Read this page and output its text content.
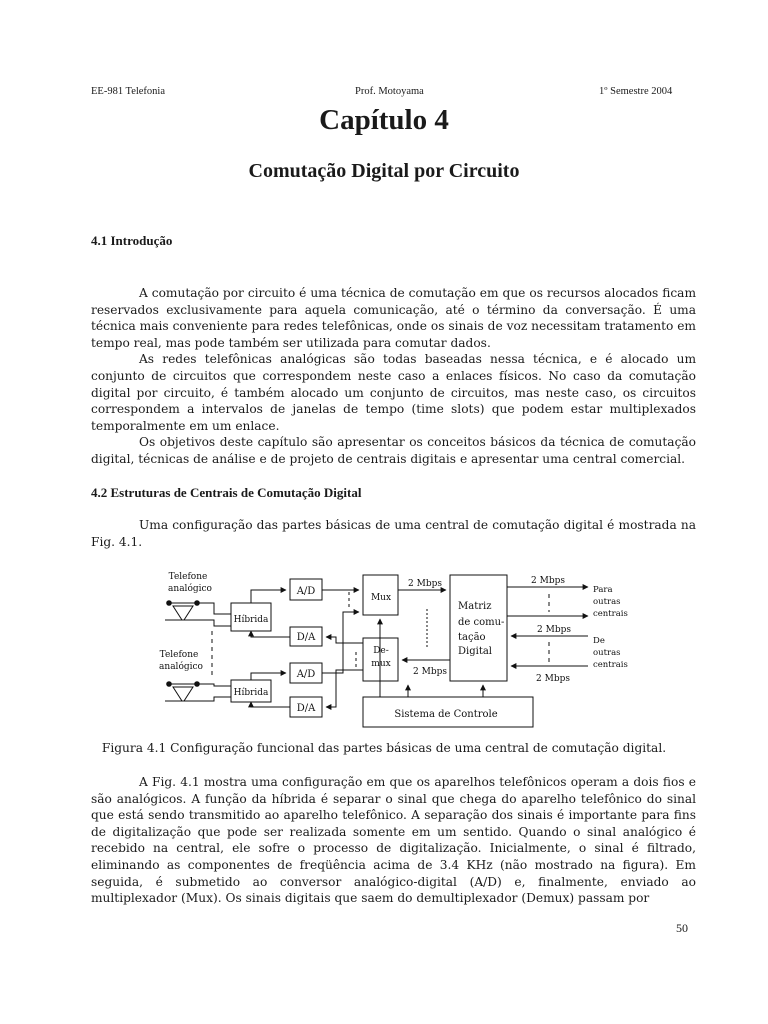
EE-981 Telefonia	Prof. Motoyama	1º Semestre 2004
Capítulo 4
Comutação Digital por Circuito
4.1 Introdução

A comutação por circuito é uma técnica de comutação em que os recursos alocados ficam reservados exclusivamente para aquela comunicação, até o término da conversação. É uma técnica mais conveniente para redes telefônicas, onde os sinais de voz necessitam tratamento em tempo real, mas pode também ser utilizada para comutar dados.

As redes telefônicas analógicas são todas baseadas nessa técnica, e é alocado um conjunto de circuitos que correspondem neste caso a enlaces físicos. No caso da comutação digital por circuito, é também alocado um conjunto de circuitos, mas neste caso, os circuitos correspondem a intervalos de janelas de tempo (time slots) que podem estar multiplexados temporalmente em um enlace.

Os objetivos deste capítulo são apresentar os conceitos básicos da técnica de comutação digital, técnicas de análise e de projeto de centrais digitais e apresentar uma central comercial.

4.2 Estruturas de Centrais de Comutação Digital

Uma configuração das partes básicas de uma central de comutação digital é mostrada na Fig. 4.1.

Telefone
analógico
Telefone
analógico
Híbrida
Híbrida
A/D
D/A
A/D
D/A
Mux
De-
mux
2 Mbps
2 Mbps
2 Mbps
2 Mbps
2 Mbps
Matriz
de comu-
tação
Digital
Para
outras
centrais
De
outras
centrais
Sistema de Controle
Figura 4.1 Configuração funcional das partes básicas de uma central de comutação digital.

A Fig. 4.1 mostra uma configuração em que os aparelhos telefônicos operam a dois fios e são analógicos. A função da híbrida é separar o sinal que chega do aparelho telefônico do sinal que está sendo transmitido ao aparelho telefônico. A separação dos sinais é importante para fins de digitalização que pode ser realizada somente em um sentido. Quando o sinal analógico é recebido na central, ele sofre o processo de digitalização. Inicialmente, o sinal é filtrado, eliminando as componentes de freqüência acima de 3.4 KHz (não mostrado na figura). Em seguida, é submetido ao conversor analógico-digital (A/D) e, finalmente, enviado ao multiplexador (Mux). Os sinais digitais que saem do demultiplexador (Demux) passam por

50
